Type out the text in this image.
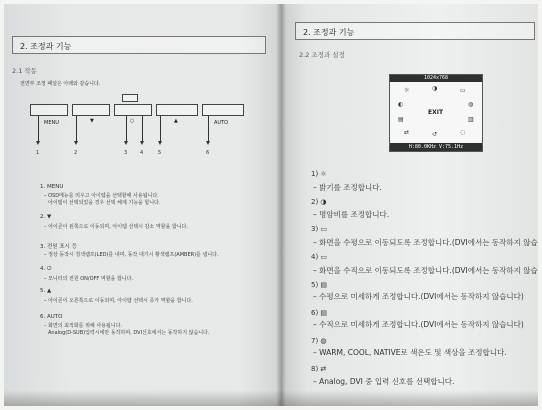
2. 조정과 기능
2.1 작동
전면부 조정 패널은 아래와 같습니다.
MENU	▼	○	▲	AUTO
1	2	3	4	5	6
1. MENU
– OSD메뉴를 띄우고 아이템을 선택할때 사용됩니다.
아이템이 선택되었을 경우 선택 해제 기능을 합니다.
2. ▼
– 아이콘이 왼쪽으로 이동되며, 아이템 선택시 감소 역할을 합니다.
3. 전원 표시 등
– 정상 동작시 청색램프(LED)를 내며, 동작 대기시 황색램프(AMBER)를 냅니다.
4. ⏻
– 모니터의 전원 ON/OFF 역할을 합니다.
5. ▲
– 아이콘이 오른쪽으로 이동되며, 아이템 선택시 증가 역할을 합니다.
6. AUTO
– 화면의 최적화를 위해 사용됩니다.
Analog(D-SUB)입력시에만 동작하며, DVI신호에서는 동작하지 않습니다.
2. 조정과 기능
2.2 조정과 설정
1024x768
☼	◑	▭
◐	◍
EXIT
▤	▥
⇄	↺	◌
H:80.0KHz V:75.1Hz
1) ☼
– 밝기를 조정합니다.
2) ◑
– 명암비를 조정합니다.
3) ▭
– 화면을 수평으로 이동되도록 조정합니다.(DVI에서는 동작하지 않습
4) ▭
– 화면을 수직으로 이동되도록 조정합니다.(DVI에서는 동작하지 않습
5) ▤
– 수평으로 미세하게 조정합니다.(DVI에서는 동작하지 않습니다)
6) ▤
– 수직으로 미세하게 조정합니다.(DVI에서는 동작하지 않습니다)
7) ◍
– WARM, COOL, NATIVE로 색온도 및 색상을 조정합니다.
8) ⇄
– Analog, DVI 중 입력 신호를 선택합니다.
